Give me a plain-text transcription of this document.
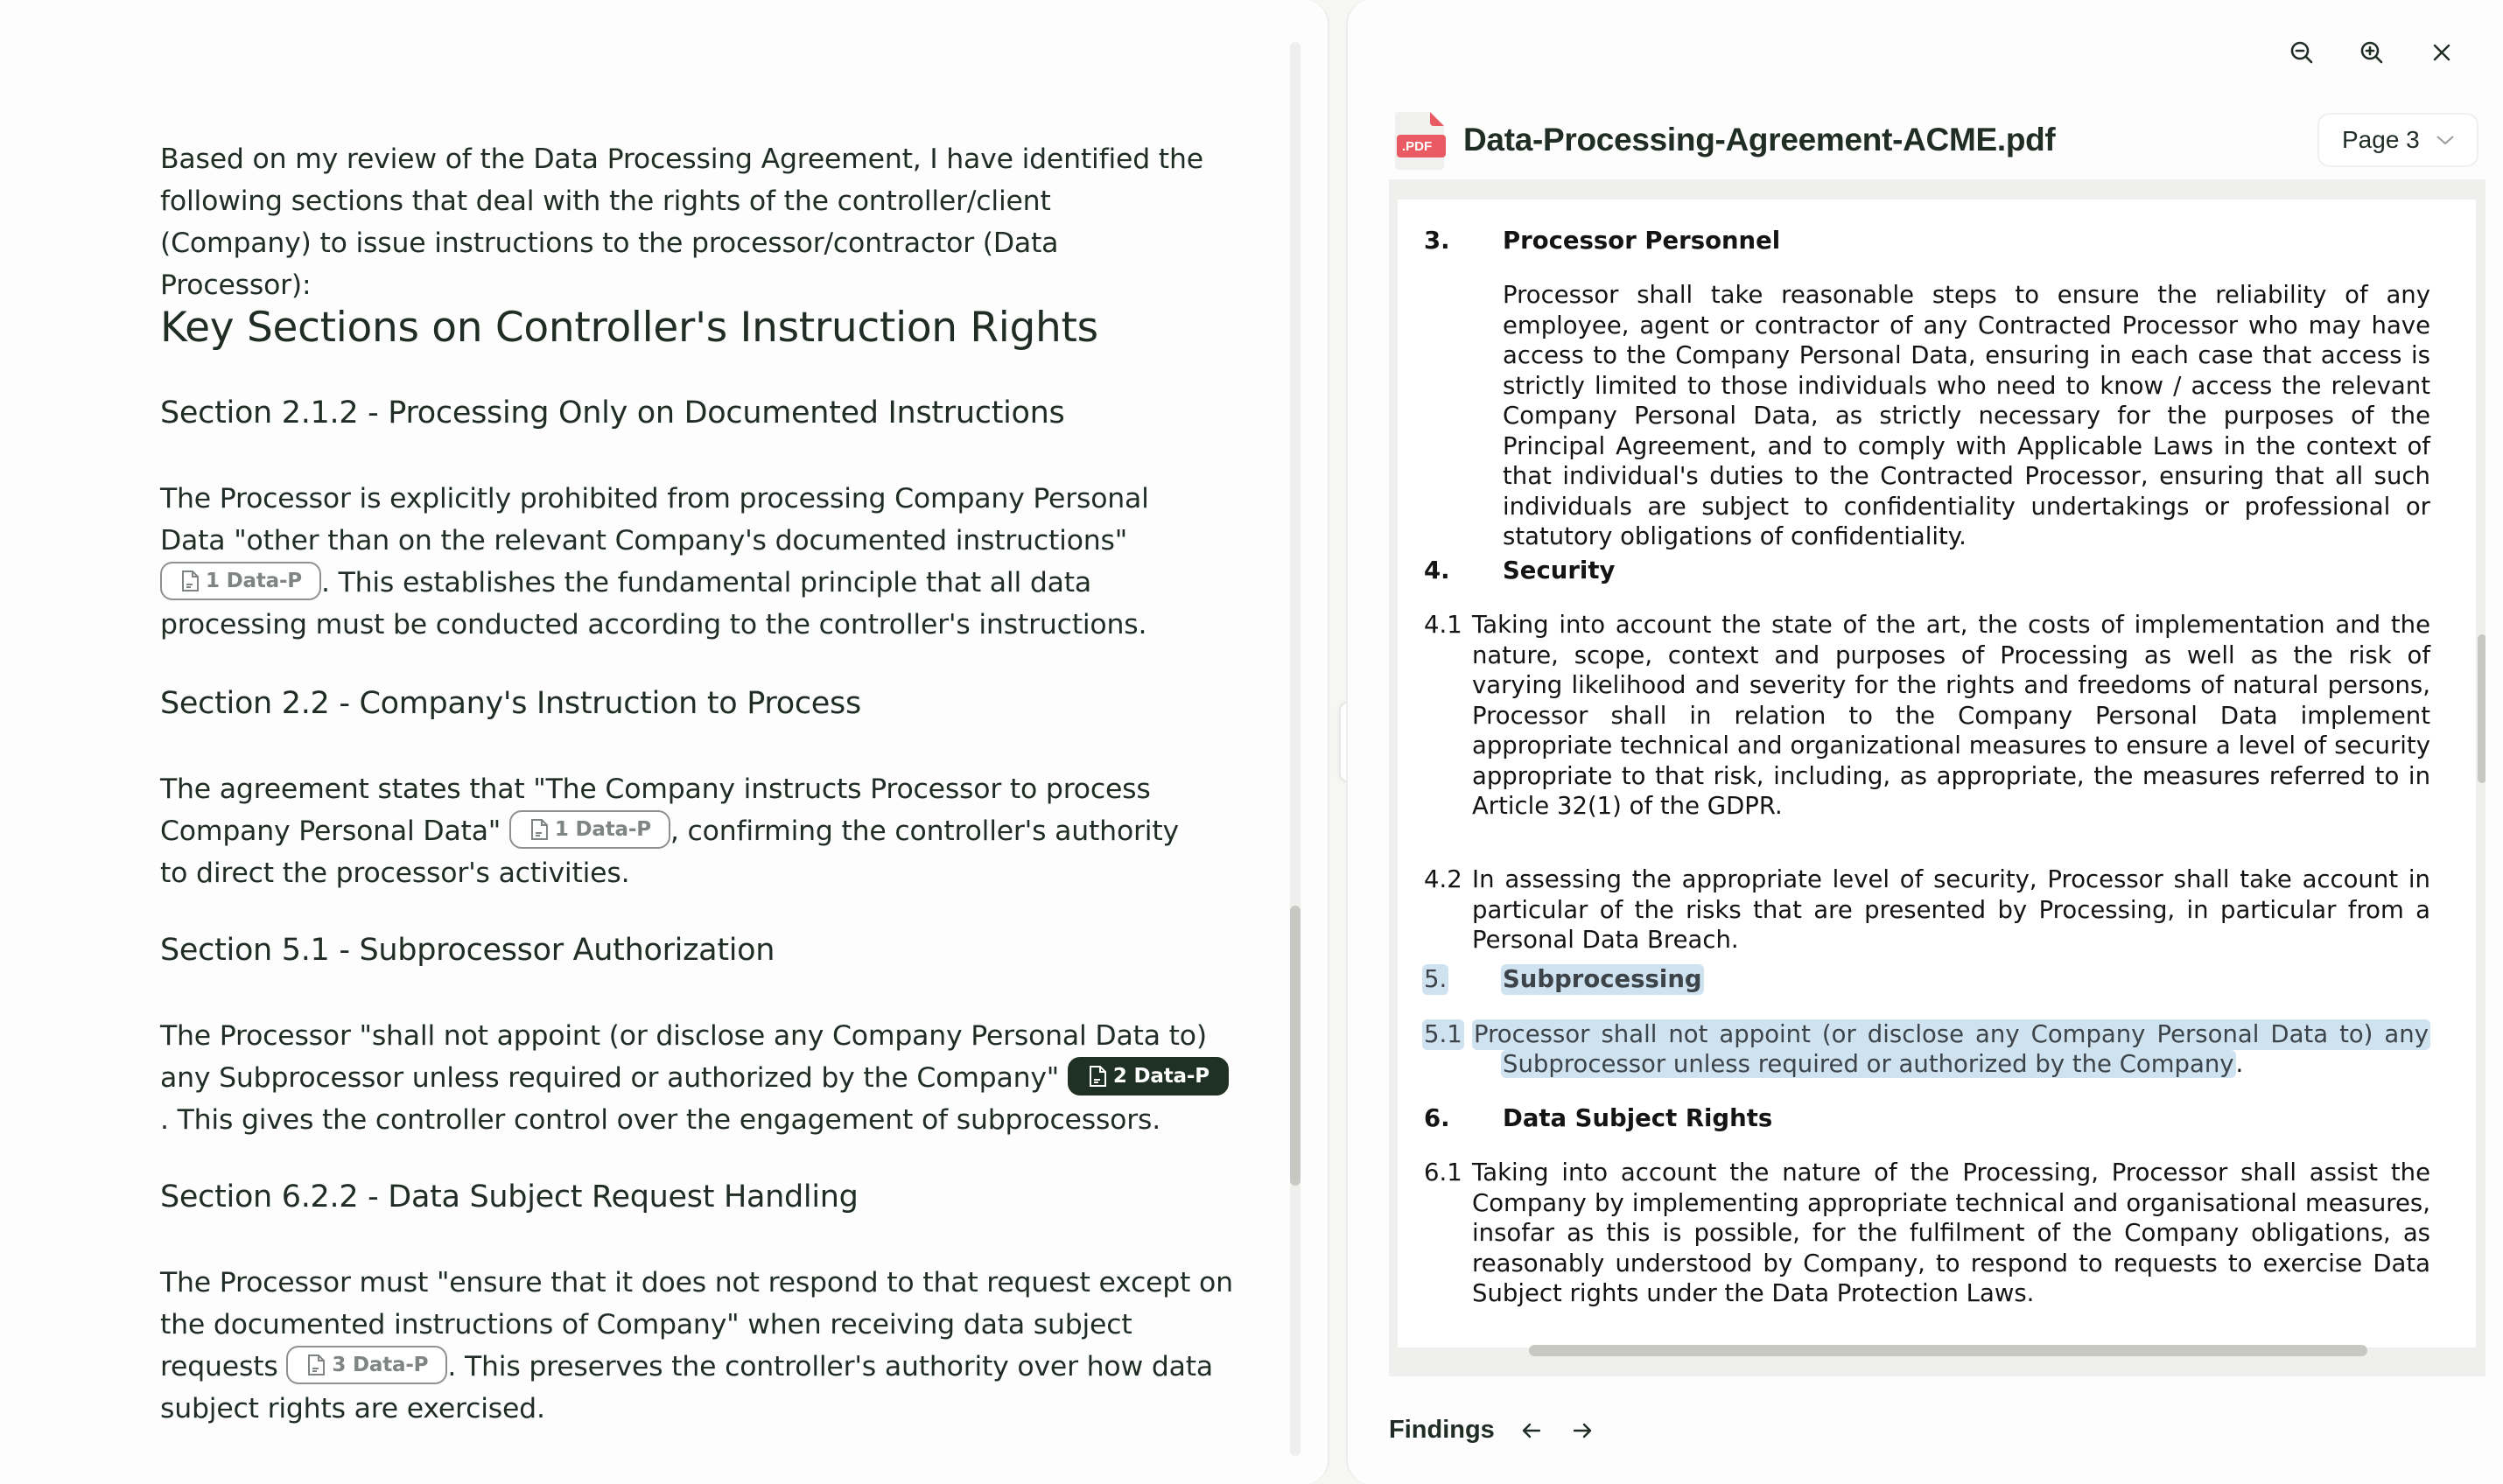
Based on my review of the Data Processing Agreement, I have identified the following sections that deal with the rights of the controller/client (Company) to issue instructions to the processor/contractor (Data Processor):

Key Sections on Controller's Instruction Rights
Section 2.1.2 - Processing Only on Documented Instructions

The Processor is explicitly prohibited from processing Company Personal Data "other than on the relevant Company's documented instructions"
1 Data-P . This establishes the fundamental principle that all data processing must be conducted according to the controller's instructions.

Section 2.2 - Company's Instruction to Process

The agreement states that "The Company instructs Processor to process Company Personal Data"	1 Data-P , confirming the controller's authority to direct the processor's activities.

Section 5.1 - Subprocessor Authorization

The Processor "shall not appoint (or disclose any Company Personal Data to) any Subprocessor unless required or authorized by the Company"	2 Data-P
. This gives the controller control over the engagement of subprocessors.

Section 6.2.2 - Data Subject Request Handling

The Processor must "ensure that it does not respond to that request except on the documented instructions of Company" when receiving data subject requests	3 Data-P . This preserves the controller's authority over how data subject rights are exercised.

.PDF Data-Processing-Agreement-ACME.pdf	Page 3
3. Processor Personnel
Processor shall take reasonable steps to ensure the reliability of any employee, agent or contractor of any Contracted Processor who may have access to the Company Personal Data, ensuring in each case that access is strictly limited to those individuals who need to know / access the relevant Company Personal Data, as strictly necessary for the purposes of the Principal Agreement, and to comply with Applicable Laws in the context of that individual's duties to the Contracted Processor, ensuring that all such individuals are subject to confidentiality undertakings or professional or statutory obligations of confidentiality.
4. Security
4.1 Taking into account the state of the art, the costs of implementation and the nature, scope, context and purposes of Processing as well as the risk of varying likelihood and severity for the rights and freedoms of natural persons, Processor shall in relation to the Company Personal Data implement appropriate technical and organizational measures to ensure a level of security appropriate to that risk, including, as appropriate, the measures referred to in Article 32(1) of the GDPR.
4.2 In assessing the appropriate level of security, Processor shall take account in particular of the risks that are presented by Processing, in particular from a Personal Data Breach.
5. Subprocessing
5.1 Processor shall not appoint (or disclose any Company Personal Data to) any
Subprocessor unless required or authorized by the Company.
6. Data Subject Rights
6.1 Taking into account the nature of the Processing, Processor shall assist the Company by implementing appropriate technical and organisational measures, insofar as this is possible, for the fulfilment of the Company obligations, as reasonably understood by Company, to respond to requests to exercise Data Subject rights under the Data Protection Laws.
Findings
